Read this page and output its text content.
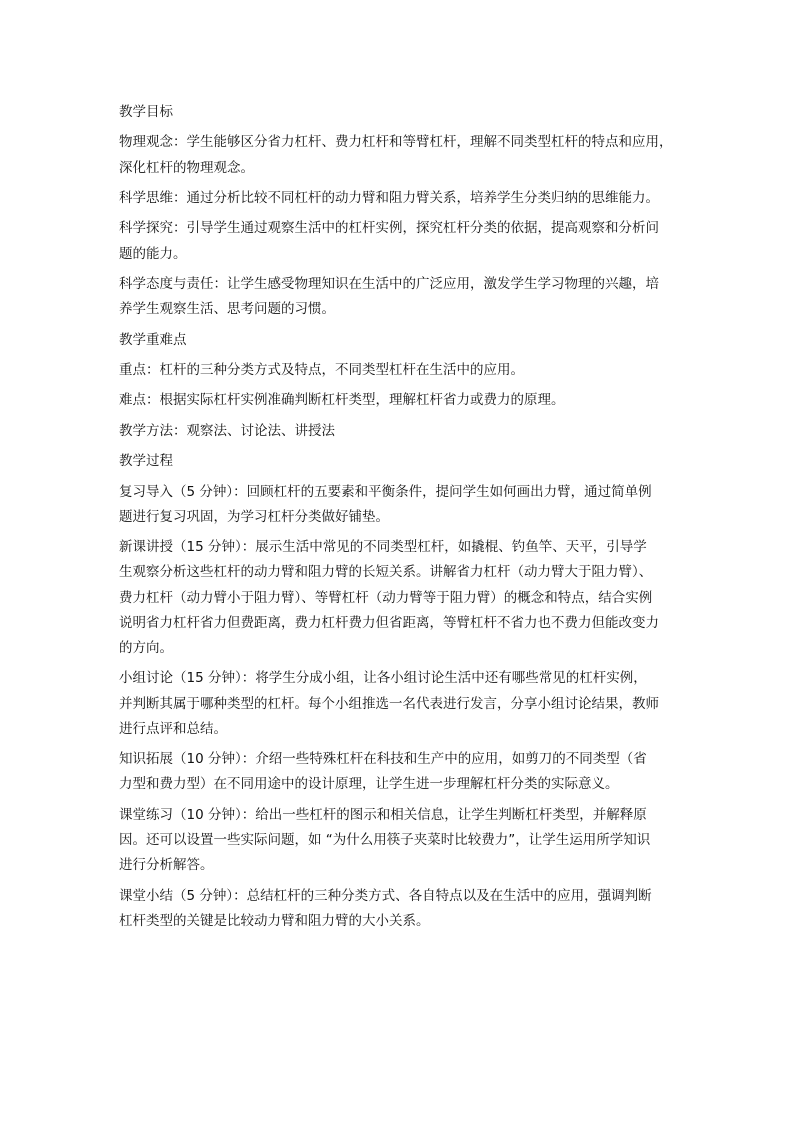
教学目标

物理观念：学生能够区分省力杠杆、费力杠杆和等臂杠杆，理解不同类型杠杆的特点和应用，

深化杠杆的物理观念。

科学思维：通过分析比较不同杠杆的动力臂和阻力臂关系，培养学生分类归纳的思维能力。

科学探究：引导学生通过观察生活中的杠杆实例，探究杠杆分类的依据，提高观察和分析问

题的能力。

科学态度与责任：让学生感受物理知识在生活中的广泛应用，激发学生学习物理的兴趣，培

养学生观察生活、思考问题的习惯。

教学重难点

重点：杠杆的三种分类方式及特点，不同类型杠杆在生活中的应用。

难点：根据实际杠杆实例准确判断杠杆类型，理解杠杆省力或费力的原理。

教学方法：观察法、讨论法、讲授法

教学过程

复习导入（5 分钟）：回顾杠杆的五要素和平衡条件，提问学生如何画出力臂，通过简单例

题进行复习巩固，为学习杠杆分类做好铺垫。

新课讲授（15 分钟）：展示生活中常见的不同类型杠杆，如撬棍、钓鱼竿、天平，引导学

生观察分析这些杠杆的动力臂和阻力臂的长短关系。讲解省力杠杆（动力臂大于阻力臂）、

费力杠杆（动力臂小于阻力臂）、等臂杠杆（动力臂等于阻力臂）的概念和特点，结合实例

说明省力杠杆省力但费距离，费力杠杆费力但省距离，等臂杠杆不省力也不费力但能改变力

的方向。

小组讨论（15 分钟）：将学生分成小组，让各小组讨论生活中还有哪些常见的杠杆实例，

并判断其属于哪种类型的杠杆。每个小组推选一名代表进行发言，分享小组讨论结果，教师

进行点评和总结。

知识拓展（10 分钟）：介绍一些特殊杠杆在科技和生产中的应用，如剪刀的不同类型（省

力型和费力型）在不同用途中的设计原理，让学生进一步理解杠杆分类的实际意义。

课堂练习（10 分钟）：给出一些杠杆的图示和相关信息，让学生判断杠杆类型，并解释原

因。还可以设置一些实际问题，如 “为什么用筷子夹菜时比较费力”，让学生运用所学知识

进行分析解答。

课堂小结（5 分钟）：总结杠杆的三种分类方式、各自特点以及在生活中的应用，强调判断

杠杆类型的关键是比较动力臂和阻力臂的大小关系。
